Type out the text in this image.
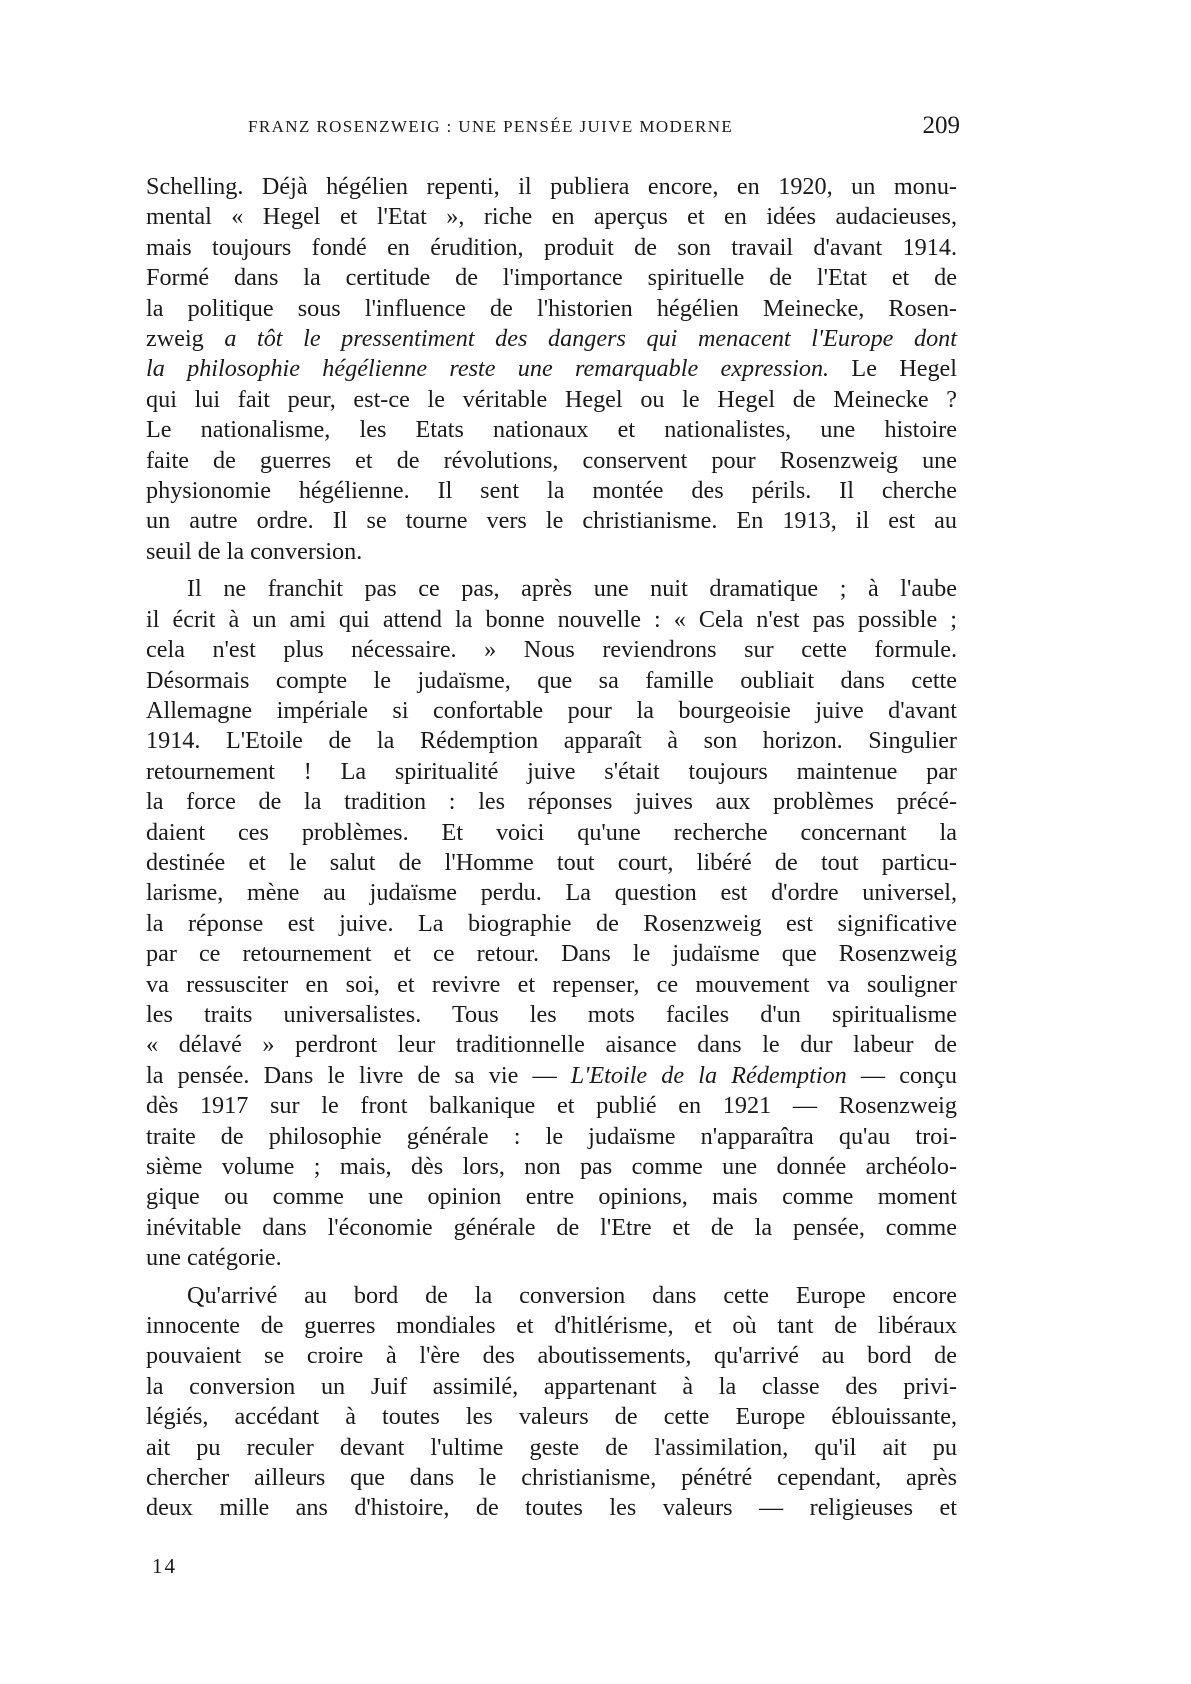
FRANZ ROSENZWEIG : UNE PENSÉE JUIVE MODERNE	209

Schelling. Déjà hégélien repenti, il publiera encore, en 1920, un monu-
mental « Hegel et l'Etat », riche en aperçus et en idées audacieuses,
mais toujours fondé en érudition, produit de son travail d'avant 1914.
Formé dans la certitude de l'importance spirituelle de l'Etat et de
la politique sous l'influence de l'historien hégélien Meinecke, Rosen-
zweig a tôt le pressentiment des dangers qui menacent l'Europe dont
la philosophie hégélienne reste une remarquable expression. Le Hegel
qui lui fait peur, est-ce le véritable Hegel ou le Hegel de Meinecke ?
Le nationalisme, les Etats nationaux et nationalistes, une histoire
faite de guerres et de révolutions, conservent pour Rosenzweig une
physionomie hégélienne. Il sent la montée des périls. Il cherche
un autre ordre. Il se tourne vers le christianisme. En 1913, il est au
seuil de la conversion.

Il ne franchit pas ce pas, après une nuit dramatique ; à l'aube
il écrit à un ami qui attend la bonne nouvelle : « Cela n'est pas possible ;
cela n'est plus nécessaire. » Nous reviendrons sur cette formule.
Désormais compte le judaïsme, que sa famille oubliait dans cette
Allemagne impériale si confortable pour la bourgeoisie juive d'avant
1914. L'Etoile de la Rédemption apparaît à son horizon. Singulier
retournement ! La spiritualité juive s'était toujours maintenue par
la force de la tradition : les réponses juives aux problèmes précé-
daient ces problèmes. Et voici qu'une recherche concernant la
destinée et le salut de l'Homme tout court, libéré de tout particu-
larisme, mène au judaïsme perdu. La question est d'ordre universel,
la réponse est juive. La biographie de Rosenzweig est significative
par ce retournement et ce retour. Dans le judaïsme que Rosenzweig
va ressusciter en soi, et revivre et repenser, ce mouvement va souligner
les traits universalistes. Tous les mots faciles d'un spiritualisme
« délavé » perdront leur traditionnelle aisance dans le dur labeur de
la pensée. Dans le livre de sa vie — L'Etoile de la Rédemption — conçu
dès 1917 sur le front balkanique et publié en 1921 — Rosenzweig
traite de philosophie générale : le judaïsme n'apparaîtra qu'au troi-
sième volume ; mais, dès lors, non pas comme une donnée archéolo-
gique ou comme une opinion entre opinions, mais comme moment
inévitable dans l'économie générale de l'Etre et de la pensée, comme
une catégorie.

Qu'arrivé au bord de la conversion dans cette Europe encore
innocente de guerres mondiales et d'hitlérisme, et où tant de libéraux
pouvaient se croire à l'ère des aboutissements, qu'arrivé au bord de
la conversion un Juif assimilé, appartenant à la classe des privi-
légiés, accédant à toutes les valeurs de cette Europe éblouissante,
ait pu reculer devant l'ultime geste de l'assimilation, qu'il ait pu
chercher ailleurs que dans le christianisme, pénétré cependant, après
deux mille ans d'histoire, de toutes les valeurs — religieuses et

14
